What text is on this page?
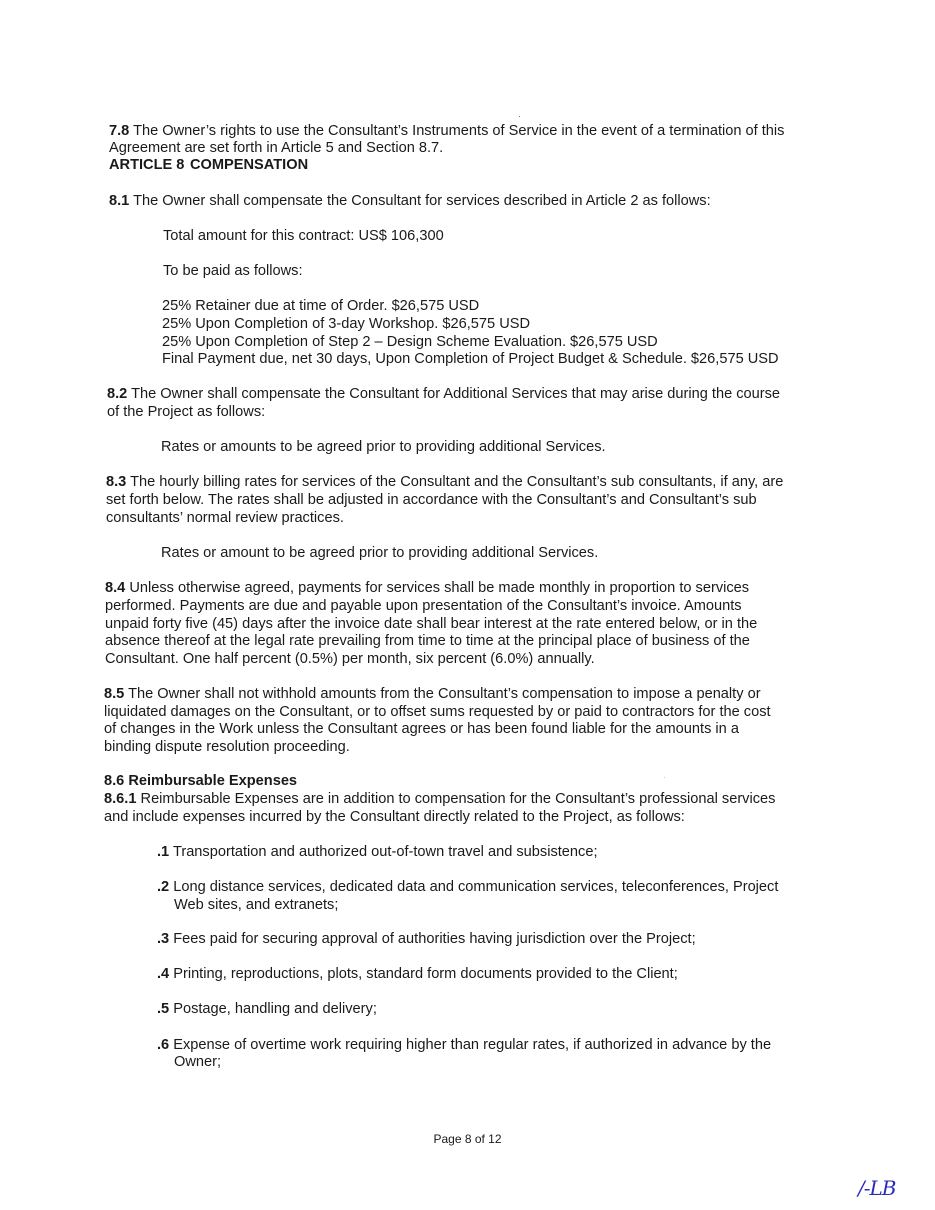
7.8 The Owner’s rights to use the Consultant’s Instruments of Service in the event of a termination of this
Agreement are set forth in Article 5 and Section 8.7.
ARTICLE 8 COMPENSATION
8.1 The Owner shall compensate the Consultant for services described in Article 2 as follows:
Total amount for this contract: US$ 106,300
To be paid as follows:
25% Retainer due at time of Order. $26,575 USD
25% Upon Completion of 3-day Workshop. $26,575 USD
25% Upon Completion of Step 2 – Design Scheme Evaluation. $26,575 USD
Final Payment due, net 30 days, Upon Completion of Project Budget & Schedule. $26,575 USD
8.2 The Owner shall compensate the Consultant for Additional Services that may arise during the course
of the Project as follows:
Rates or amounts to be agreed prior to providing additional Services.
8.3 The hourly billing rates for services of the Consultant and the Consultant’s sub consultants, if any, are
set forth below. The rates shall be adjusted in accordance with the Consultant’s and Consultant’s sub
consultants’ normal review practices.
Rates or amount to be agreed prior to providing additional Services.
8.4 Unless otherwise agreed, payments for services shall be made monthly in proportion to services
performed. Payments are due and payable upon presentation of the Consultant’s invoice. Amounts
unpaid forty five (45) days after the invoice date shall bear interest at the rate entered below, or in the
absence thereof at the legal rate prevailing from time to time at the principal place of business of the
Consultant. One half percent (0.5%) per month, six percent (6.0%) annually.
8.5 The Owner shall not withhold amounts from the Consultant’s compensation to impose a penalty or
liquidated damages on the Consultant, or to offset sums requested by or paid to contractors for the cost
of changes in the Work unless the Consultant agrees or has been found liable for the amounts in a
binding dispute resolution proceeding.
8.6 Reimbursable Expenses
8.6.1 Reimbursable Expenses are in addition to compensation for the Consultant’s professional services
and include expenses incurred by the Consultant directly related to the Project, as follows:
.1 Transportation and authorized out-of-town travel and subsistence;
.2 Long distance services, dedicated data and communication services, teleconferences, Project
Web sites, and extranets;
.3 Fees paid for securing approval of authorities having jurisdiction over the Project;
.4 Printing, reproductions, plots, standard form documents provided to the Client;
.5 Postage, handling and delivery;
.6 Expense of overtime work requiring higher than regular rates, if authorized in advance by the
Owner;
Page 8 of 12
/-LB
